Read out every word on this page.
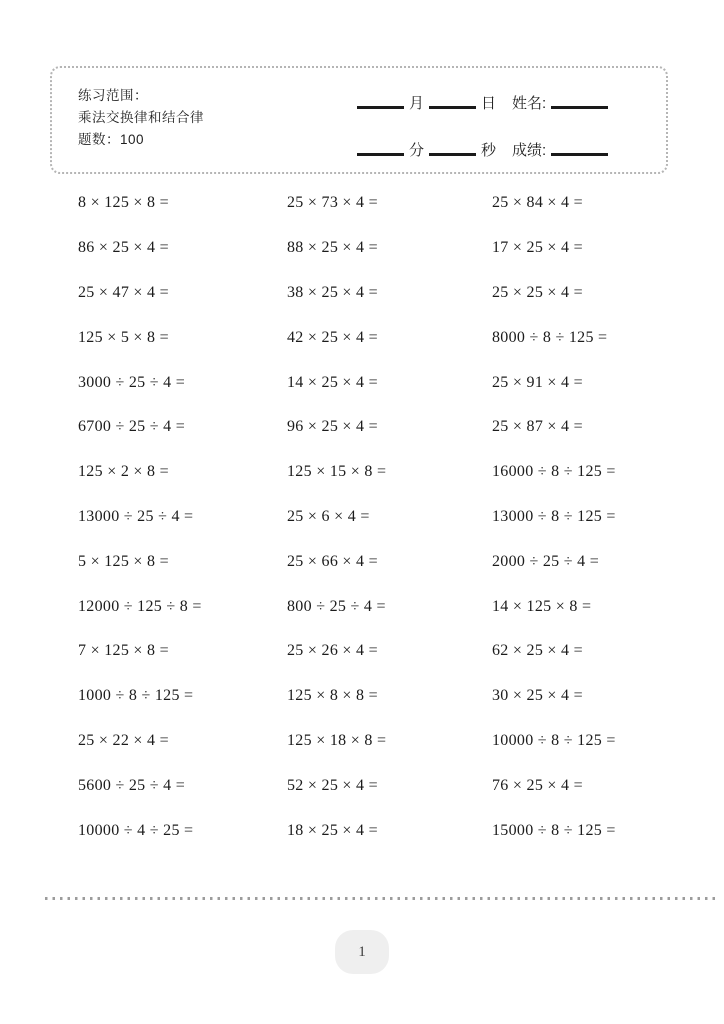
练习范围：
乘法交换律和结合律
题数：100
月	日 姓名:
分	秒 成绩:
8 × 125 × 8 =
86 × 25 × 4 =
25 × 47 × 4 =
125 × 5 × 8 =
3000 ÷ 25 ÷ 4 =
6700 ÷ 25 ÷ 4 =
125 × 2 × 8 =
13000 ÷ 25 ÷ 4 =
5 × 125 × 8 =
12000 ÷ 125 ÷ 8 =
7 × 125 × 8 =
1000 ÷ 8 ÷ 125 =
25 × 22 × 4 =
5600 ÷ 25 ÷ 4 =
10000 ÷ 4 ÷ 25 =
25 × 73 × 4 =
88 × 25 × 4 =
38 × 25 × 4 =
42 × 25 × 4 =
14 × 25 × 4 =
96 × 25 × 4 =
125 × 15 × 8 =
25 × 6 × 4 =
25 × 66 × 4 =
800 ÷ 25 ÷ 4 =
25 × 26 × 4 =
125 × 8 × 8 =
125 × 18 × 8 =
52 × 25 × 4 =
18 × 25 × 4 =
25 × 84 × 4 =
17 × 25 × 4 =
25 × 25 × 4 =
8000 ÷ 8 ÷ 125 =
25 × 91 × 4 =
25 × 87 × 4 =
16000 ÷ 8 ÷ 125 =
13000 ÷ 8 ÷ 125 =
2000 ÷ 25 ÷ 4 =
14 × 125 × 8 =
62 × 25 × 4 =
30 × 25 × 4 =
10000 ÷ 8 ÷ 125 =
76 × 25 × 4 =
15000 ÷ 8 ÷ 125 =
1
